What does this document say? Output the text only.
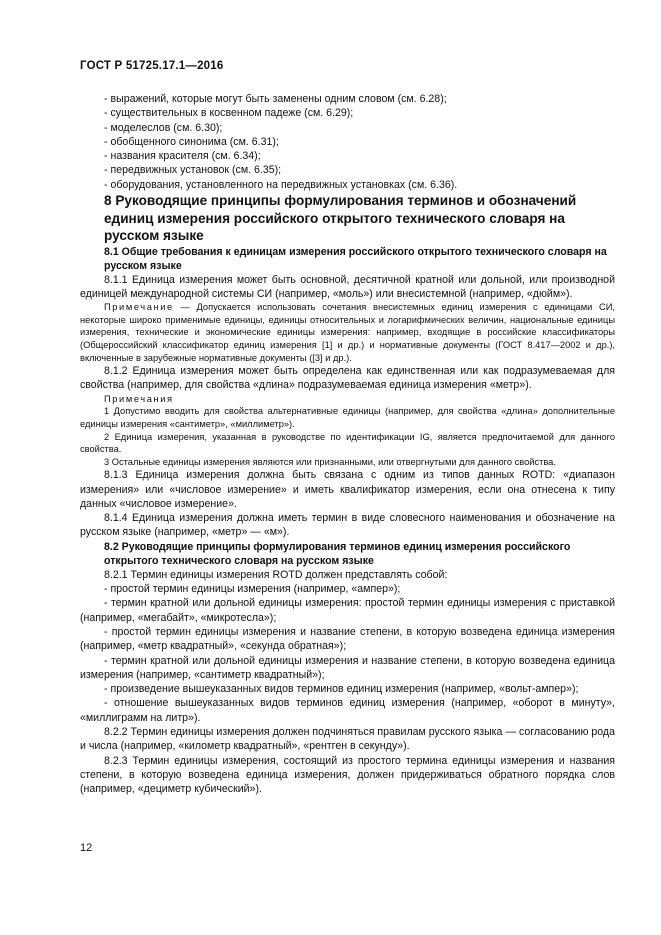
ГОСТ Р 51725.17.1—2016

- выражений, которые могут быть заменены одним словом (см. 6.28);

- существительных в косвенном падеже (см. 6.29);

- моделеслов (см. 6.30);

- обобщенного синонима (см. 6.31);

- названия красителя (см. 6.34);

- передвижных установок (см. 6.35);

- оборудования, установленного на передвижных установках (см. 6.36).

8 Руководящие принципы формулирования терминов и обозначений единиц измерения российского открытого технического словаря на русском языке

8.1 Общие требования к единицам измерения российского открытого технического словаря на русском языке

8.1.1 Единица измерения может быть основной, десятичной кратной или дольной, или производной единицей международной системы СИ (например, «моль») или внесистемной (например, «дюйм»).

Примечание — Допускается использовать сочетания внесистемных единиц измерения с единицами СИ, некоторые широко применимые единицы, единицы относительных и логарифмических величин, национальные единицы измерения, технические и экономические единицы измерения: например, входящие в российские классификаторы (Общероссийский классификатор единиц измерения [1] и др.) и нормативные документы (ГОСТ 8.417—2002 и др.), включенные в зарубежные нормативные документы ([3] и др.).

8.1.2 Единица измерения может быть определена как единственная или как подразумеваемая для свойства (например, для свойства «длина» подразумеваемая единица измерения «метр»).

Примечания

1 Допустимо вводить для свойства альтернативные единицы (например, для свойства «длина» дополнительные единицы измерения «сантиметр», «миллиметр»).

2 Единица измерения, указанная в руководстве по идентификации IG, является предпочитаемой для данного свойства.

3 Остальные единицы измерения являются или признанными, или отвергнутыми для данного свойства.

8.1.3 Единица измерения должна быть связана с одним из типов данных ROTD: «диапазон измерения» или «числовое измерение» и иметь квалификатор измерения, если она отнесена к типу данных «числовое измерение».

8.1.4 Единица измерения должна иметь термин в виде словесного наименования и обозначение на русском языке (например, «метр» — «м»).

8.2 Руководящие принципы формулирования терминов единиц измерения российского открытого технического словаря на русском языке

8.2.1 Термин единицы измерения ROTD должен представлять собой:

- простой термин единицы измерения (например, «ампер»);

- термин кратной или дольной единицы измерения: простой термин единицы измерения с приставкой (например, «мегабайт», «микротесла»);

- простой термин единицы измерения и название степени, в которую возведена единица измерения (например, «метр квадратный», «секунда обратная»);

- термин кратной или дольной единицы измерения и название степени, в которую возведена единица измерения (например, «сантиметр квадратный»);

- произведение вышеуказанных видов терминов единиц измерения (например, «вольт-ампер»);

- отношение вышеуказанных видов терминов единиц измерения (например, «оборот в минуту», «миллиграмм на литр»).

8.2.2 Термин единицы измерения должен подчиняться правилам русского языка — согласованию рода и числа (например, «километр квадратный», «рентген в секунду»).

8.2.3 Термин единицы измерения, состоящий из простого термина единицы измерения и названия степени, в которую возведена единица измерения, должен придерживаться обратного порядка слов (например, «дециметр кубический»).

12
